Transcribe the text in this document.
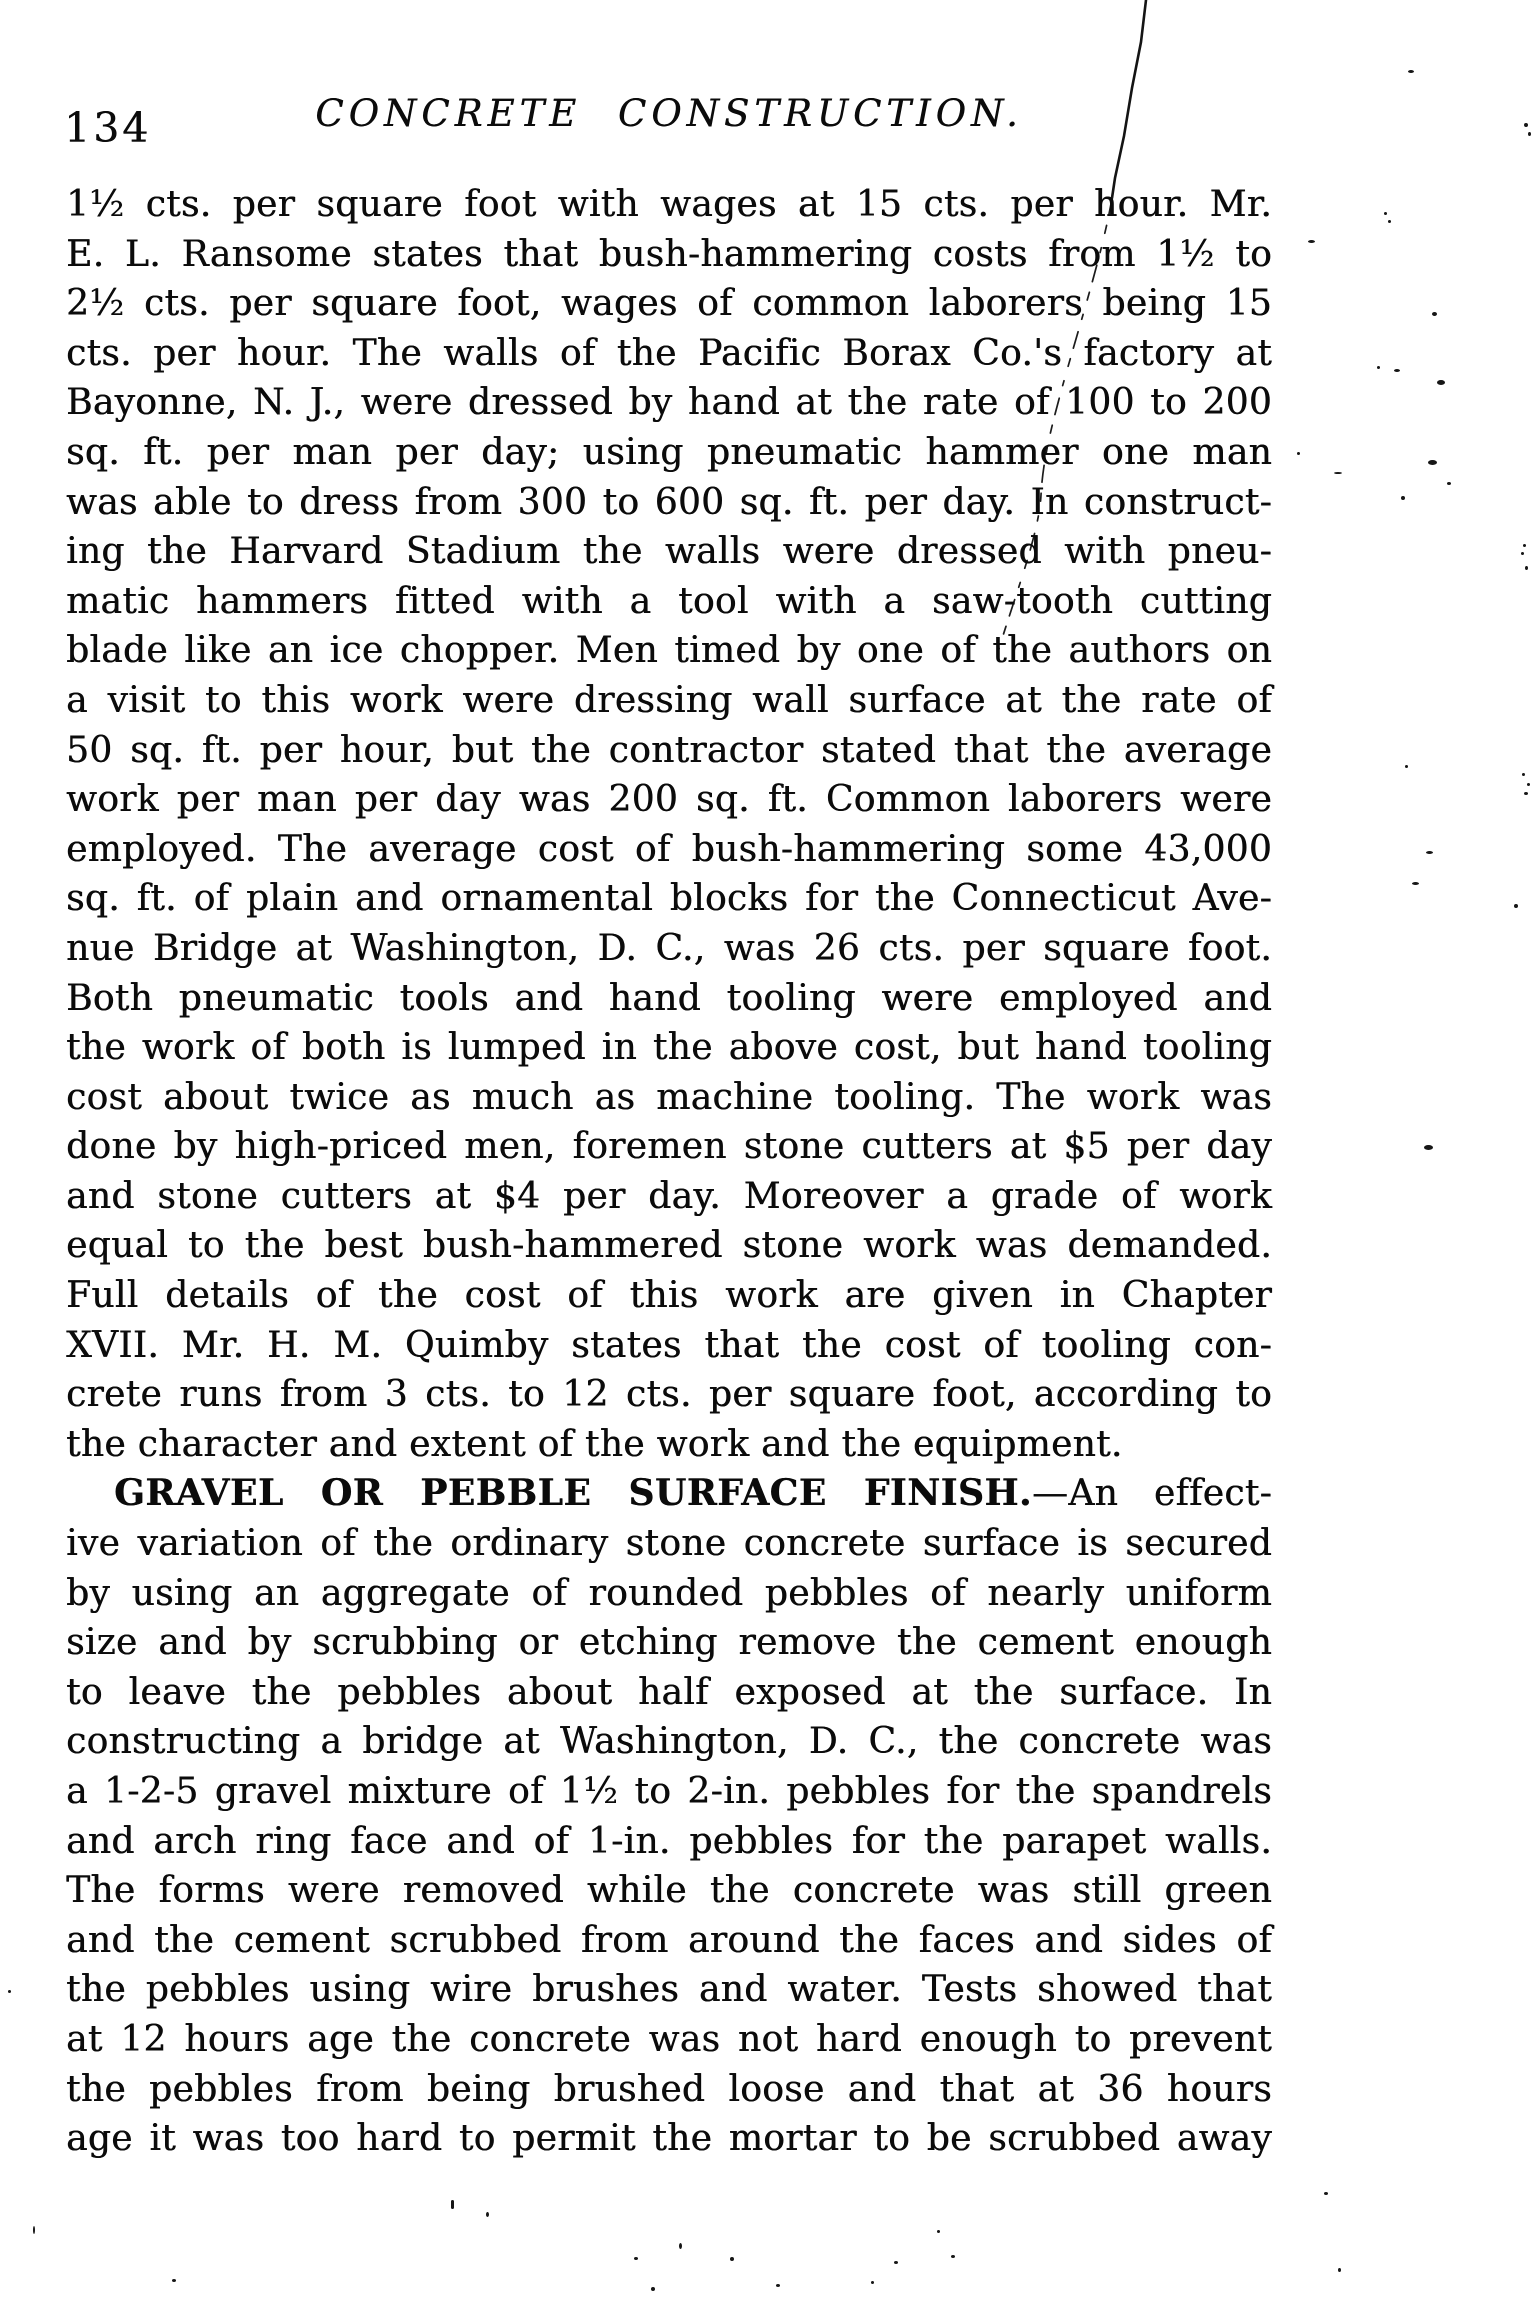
134	CONCRETE CONSTRUCTION.
1½ cts. per square foot with wages at 15 cts. per hour. Mr.
E. L. Ransome states that bush-hammering costs from 1½ to
2½ cts. per square foot, wages of common laborers being 15
cts. per hour. The walls of the Pacific Borax Co.'s factory at
Bayonne, N. J., were dressed by hand at the rate of 100 to 200
sq. ft. per man per day; using pneumatic hammer one man
was able to dress from 300 to 600 sq. ft. per day. In construct-
ing the Harvard Stadium the walls were dressed with pneu-
matic hammers fitted with a tool with a saw-tooth cutting
blade like an ice chopper. Men timed by one of the authors on
a visit to this work were dressing wall surface at the rate of
50 sq. ft. per hour, but the contractor stated that the average
work per man per day was 200 sq. ft. Common laborers were
employed. The average cost of bush-hammering some 43,000
sq. ft. of plain and ornamental blocks for the Connecticut Ave-
nue Bridge at Washington, D. C., was 26 cts. per square foot.
Both pneumatic tools and hand tooling were employed and
the work of both is lumped in the above cost, but hand tooling
cost about twice as much as machine tooling. The work was
done by high-priced men, foremen stone cutters at $5 per day
and stone cutters at $4 per day. Moreover a grade of work
equal to the best bush-hammered stone work was demanded.
Full details of the cost of this work are given in Chapter
XVII. Mr. H. M. Quimby states that the cost of tooling con-
crete runs from 3 cts. to 12 cts. per square foot, according to
the character and extent of the work and the equipment.
GRAVEL OR PEBBLE SURFACE FINISH.—An effect-
ive variation of the ordinary stone concrete surface is secured
by using an aggregate of rounded pebbles of nearly uniform
size and by scrubbing or etching remove the cement enough
to leave the pebbles about half exposed at the surface. In
constructing a bridge at Washington, D. C., the concrete was
a 1-2-5 gravel mixture of 1½ to 2-in. pebbles for the spandrels
and arch ring face and of 1-in. pebbles for the parapet walls.
The forms were removed while the concrete was still green
and the cement scrubbed from around the faces and sides of
the pebbles using wire brushes and water. Tests showed that
at 12 hours age the concrete was not hard enough to prevent
the pebbles from being brushed loose and that at 36 hours
age it was too hard to permit the mortar to be scrubbed away
